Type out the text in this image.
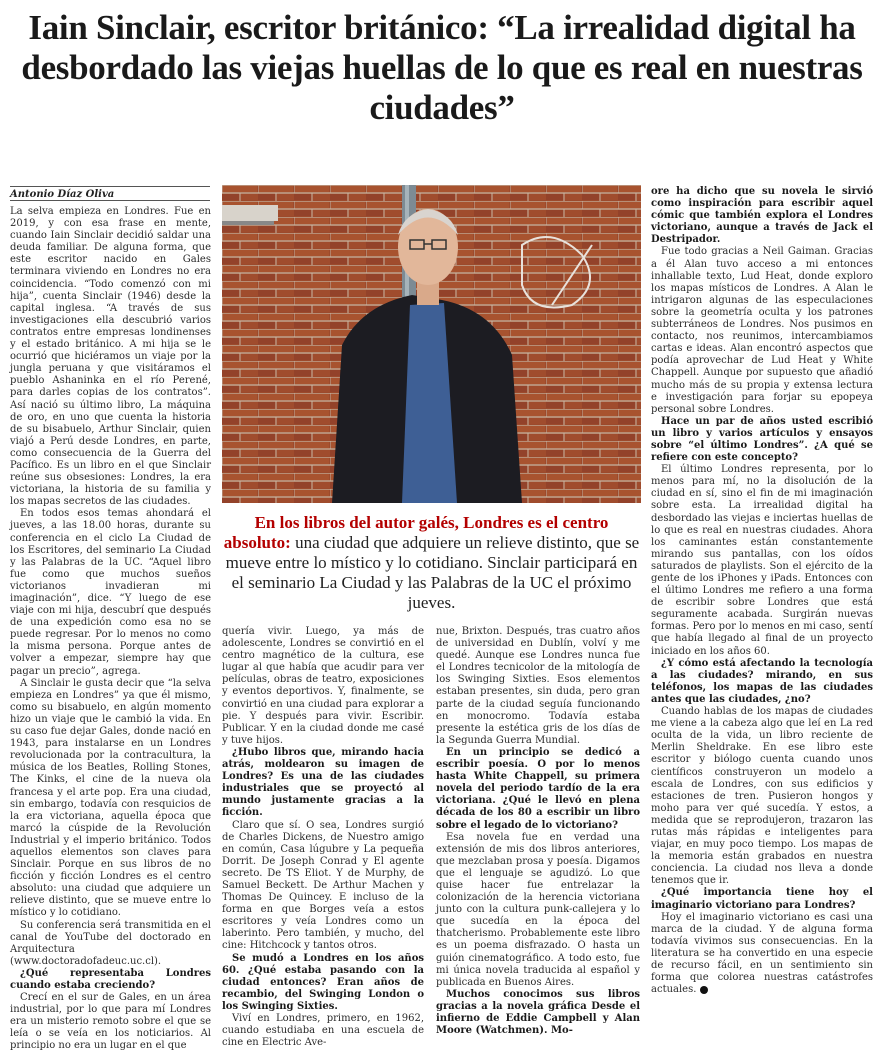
Iain Sinclair, escritor británico: “La irrealidad digital ha desbordado las viejas huellas de lo que es real en nuestras ciudades”
Antonio Díaz Oliva

La selva empieza en Londres. Fue en 2019, y con esa frase en mente, cuando Iain Sinclair decidió saldar una deuda familiar. De alguna forma, que este escritor nacido en Gales terminara viviendo en Londres no era coincidencia. “Todo comenzó con mi hija”, cuenta Sinclair (1946) desde la capital inglesa. “A través de sus investigaciones ella descubrió varios contratos entre empresas londinenses y el estado británico. A mi hija se le ocurrió que hiciéramos un viaje por la jungla peruana y que visitáramos el pueblo Ashaninka en el río Perené, para darles copias de los contratos”. Así nació su último libro, La máquina de oro, en uno que cuenta la historia de su bisabuelo, Arthur Sinclair, quien viajó a Perú desde Londres, en parte, como consecuencia de la Guerra del Pacífico. Es un libro en el que Sinclair reúne sus obsesiones: Londres, la era victoriana, la historia de su familia y los mapas secretos de las ciudades.

En todos esos temas ahondará el jueves, a las 18.00 horas, durante su conferencia en el ciclo La Ciudad de los Escritores, del seminario La Ciudad y las Palabras de la UC. “Aquel libro fue como que muchos sueños victorianos invadieran mi imaginación”, dice. “Y luego de ese viaje con mi hija, descubrí que después de una expedición como esa no se puede regresar. Por lo menos no como la misma persona. Porque antes de volver a empezar, siempre hay que pagar un precio”, agrega.

A Sinclair le gusta decir que “la selva empieza en Londres” ya que él mismo, como su bisabuelo, en algún momento hizo un viaje que le cambió la vida. En su caso fue dejar Gales, donde nació en 1943, para instalarse en un Londres revolucionada por la contracultura, la música de los Beatles, Rolling Stones, The Kinks, el cine de la nueva ola francesa y el arte pop. Era una ciudad, sin embargo, todavía con resquicios de la era victoriana, aquella época que marcó la cúspide de la Revolución Industrial y el imperio británico. Todos aquellos elementos son claves para Sinclair. Porque en sus libros de no ficción y ficción Londres es el centro absoluto: una ciudad que adquiere un relieve distinto, que se mueve entre lo místico y lo cotidiano.

Su conferencia será transmitida en el canal de YouTube del doctorado en Arquitectura (www.doctoradofadeuc.uc.cl).

¿Qué representaba Londres cuando estaba creciendo?

Crecí en el sur de Gales, en un área industrial, por lo que para mí Londres era un misterio remoto sobre el que se leía o se veía en los noticiarios. Al principio no era un lugar en el que

En los libros del autor galés, Londres es el centro absoluto: una ciudad que adquiere un relieve distinto, que se mueve entre lo místico y lo cotidiano. Sinclair participará en el seminario La Ciudad y las Palabras de la UC el próximo jueves.

quería vivir. Luego, ya más de adolescente, Londres se convirtió en el centro magnético de la cultura, ese lugar al que había que acudir para ver películas, obras de teatro, exposiciones y eventos deportivos. Y, finalmente, se convirtió en una ciudad para explorar a pie. Y después para vivir. Escribir. Publicar. Y en la ciudad donde me casé y tuve hijos.

¿Hubo libros que, mirando hacia atrás, moldearon su imagen de Londres? Es una de las ciudades industriales que se proyectó al mundo justamente gracias a la ficción.

Claro que sí. O sea, Londres surgió de Charles Dickens, de Nuestro amigo en común, Casa lúgubre y La pequeña Dorrit. De Joseph Conrad y El agente secreto. De TS Eliot. Y de Murphy, de Samuel Beckett. De Arthur Machen y Thomas De Quincey. E incluso de la forma en que Borges veía a estos escritores y veía Londres como un laberinto. Pero también, y mucho, del cine: Hitchcock y tantos otros.

Se mudó a Londres en los años 60. ¿Qué estaba pasando con la ciudad entonces? Eran años de recambio, del Swinging London o los Swinging Sixties.

Viví en Londres, primero, en 1962, cuando estudiaba en una escuela de cine en Electric Ave-

nue, Brixton. Después, tras cuatro años de universidad en Dublín, volví y me quedé. Aunque ese Londres nunca fue el Londres tecnicolor de la mitología de los Swinging Sixties. Esos elementos estaban presentes, sin duda, pero gran parte de la ciudad seguía funcionando en monocromo. Todavía estaba presente la estética gris de los días de la Segunda Guerra Mundial.

En un principio se dedicó a escribir poesía. O por lo menos hasta White Chappell, su primera novela del periodo tardío de la era victoriana. ¿Qué le llevó en plena década de los 80 a escribir un libro sobre el legado de lo victoriano?

Esa novela fue en verdad una extensión de mis dos libros anteriores, que mezclaban prosa y poesía. Digamos que el lenguaje se agudizó. Lo que quise hacer fue entrelazar la colonización de la herencia victoriana junto con la cultura punk-callejera y lo que sucedía en la época del thatcherismo. Probablemente este libro es un poema disfrazado. O hasta un guión cinematográfico. A todo esto, fue mi única novela traducida al español y publicada en Buenos Aires.

Muchos conocimos sus libros gracias a la novela gráfica Desde el infierno de Eddie Campbell y Alan Moore (Watchmen). Mo-

ore ha dicho que su novela le sirvió como inspiración para escribir aquel cómic que también explora el Londres victoriano, aunque a través de Jack el Destripador.

Fue todo gracias a Neil Gaiman. Gracias a él Alan tuvo acceso a mi entonces inhallable texto, Lud Heat, donde exploro los mapas místicos de Londres. A Alan le intrigaron algunas de las especulaciones sobre la geometría oculta y los patrones subterráneos de Londres. Nos pusimos en contacto, nos reunimos, intercambiamos cartas e ideas. Alan encontró aspectos que podía aprovechar de Lud Heat y White Chappell. Aunque por supuesto que añadió mucho más de su propia y extensa lectura e investigación para forjar su epopeya personal sobre Londres.

Hace un par de años usted escribió un libro y varios artículos y ensayos sobre “el último Londres”. ¿A qué se refiere con este concepto?

El último Londres representa, por lo menos para mí, no la disolución de la ciudad en sí, sino el fin de mi imaginación sobre esta. La irrealidad digital ha desbordado las viejas e inciertas huellas de lo que es real en nuestras ciudades. Ahora los caminantes están constantemente mirando sus pantallas, con los oídos saturados de playlists. Son el ejército de la gente de los iPhones y iPads. Entonces con el último Londres me refiero a una forma de escribir sobre Londres que está seguramente acabada. Surgirán nuevas formas. Pero por lo menos en mi caso, sentí que había llegado al final de un proyecto iniciado en los años 60.

¿Y cómo está afectando la tecnología a las ciudades? mirando, en sus teléfonos, los mapas de las ciudades antes que las ciudades, ¿no?

Cuando hablas de los mapas de ciudades me viene a la cabeza algo que leí en La red oculta de la vida, un libro reciente de Merlin Sheldrake. En ese libro este escritor y biólogo cuenta cuando unos científicos construyeron un modelo a escala de Londres, con sus edificios y estaciones de tren. Pusieron hongos y moho para ver qué sucedía. Y estos, a medida que se reprodujeron, trazaron las rutas más rápidas e inteligentes para viajar, en muy poco tiempo. Los mapas de la memoria están grabados en nuestra conciencia. La ciudad nos lleva a donde tenemos que ir.

¿Qué importancia tiene hoy el imaginario victoriano para Londres?

Hoy el imaginario victoriano es casi una marca de la ciudad. Y de alguna forma todavía vivimos sus consecuencias. En la literatura se ha convertido en una especie de recurso fácil, en un sentimiento sin forma que colorea nuestras catástrofes actuales.
